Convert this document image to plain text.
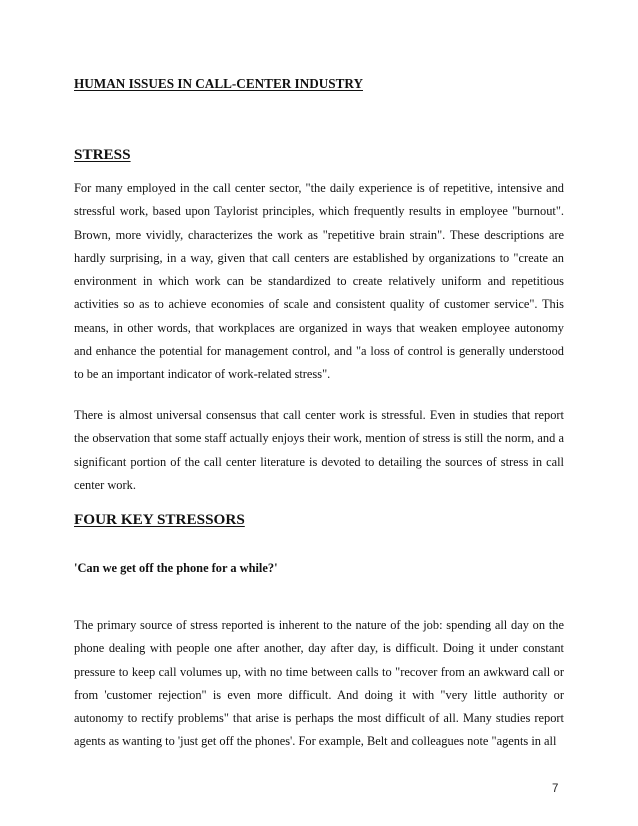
HUMAN ISSUES IN CALL-CENTER INDUSTRY
STRESS

For many employed in the call center sector, "the daily experience is of repetitive, intensive and stressful work, based upon Taylorist principles, which frequently results in employee "burnout". Brown, more vividly, characterizes the work as "repetitive brain strain". These descriptions are hardly surprising, in a way, given that call centers are established by organizations to "create an environment in which work can be standardized to create relatively uniform and repetitious activities so as to achieve economies of scale and consistent quality of customer service". This means, in other words, that workplaces are organized in ways that weaken employee autonomy and enhance the potential for management control, and "a loss of control is generally understood to be an important indicator of work-related stress".

There is almost universal consensus that call center work is stressful. Even in studies that report the observation that some staff actually enjoys their work, mention of stress is still the norm, and a significant portion of the call center literature is devoted to detailing the sources of stress in call center work.

FOUR KEY STRESSORS
'Can we get off the phone for a while?'

The primary source of stress reported is inherent to the nature of the job: spending all day on the phone dealing with people one after another, day after day, is difficult. Doing it under constant pressure to keep call volumes up, with no time between calls to "recover from an awkward call or from 'customer rejection" is even more difficult. And doing it with "very little authority or autonomy to rectify problems" that arise is perhaps the most difficult of all. Many studies report agents as wanting to 'just get off the phones'. For example, Belt and colleagues note "agents in all

7
